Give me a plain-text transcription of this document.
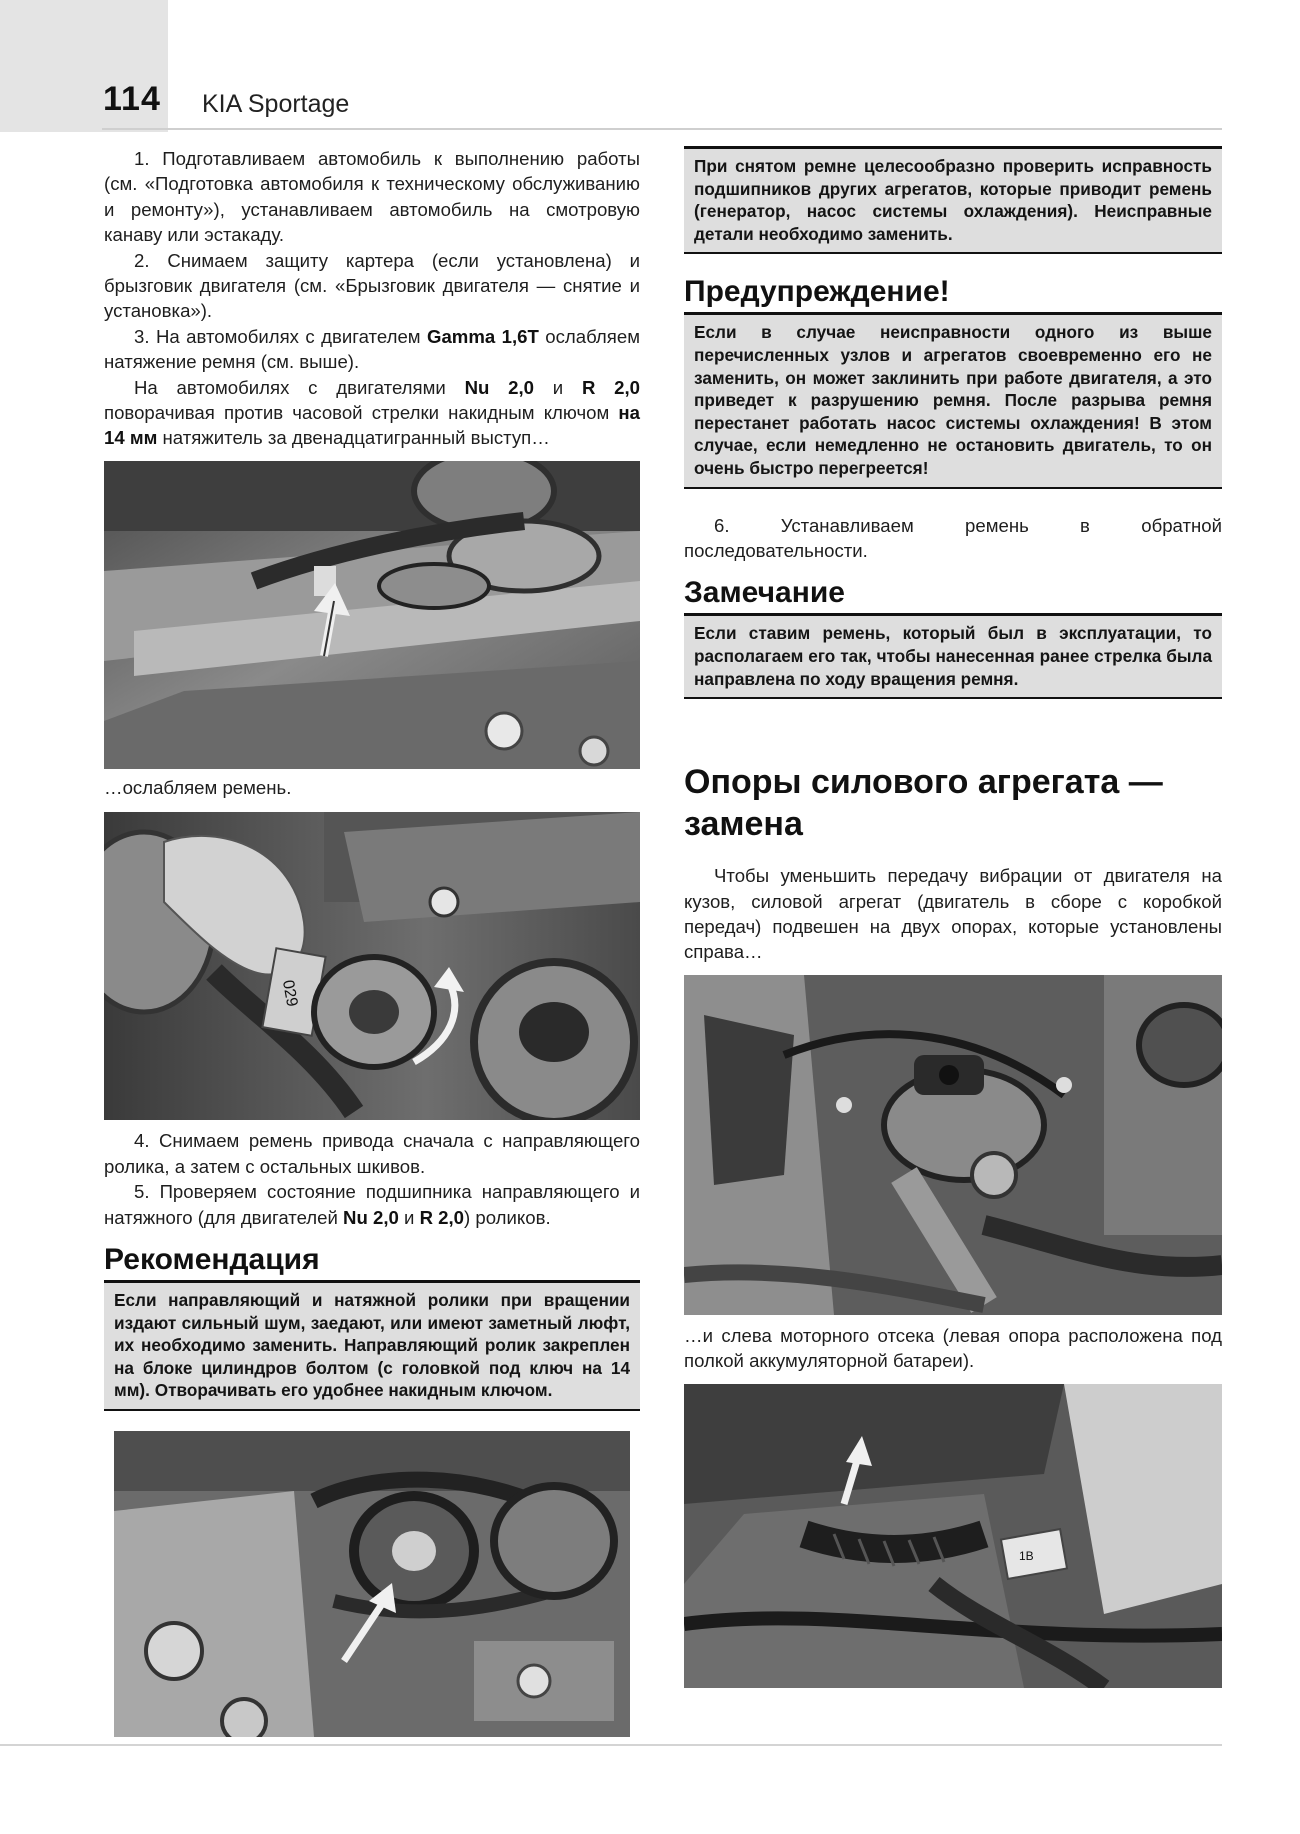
114 KIA Sportage

1. Подготавливаем автомобиль к выполнению работы (см. «Подготовка автомобиля к техническому обслуживанию и ремонту»), устанавливаем автомобиль на смотровую канаву или эстакаду.

2. Снимаем защиту картера (если установлена) и брызговик двигателя (см. «Брызговик двигателя — снятие и установка»).

3. На автомобилях с двигателем Gamma 1,6T ослабляем натяжение ремня (см. выше).

На автомобилях с двигателями Nu 2,0 и R 2,0 поворачивая против часовой стрелки накидным ключом на 14 мм натяжитель за двенадцатигранный выступ…

…ослабляем ремень.

029

4. Снимаем ремень привода сначала с направляющего ролика, а затем с остальных шкивов.

5. Проверяем состояние подшипника направляющего и натяжного (для двигателей Nu 2,0 и R 2,0) роликов.

Рекомендация
Если направляющий и натяжной ролики при вращении издают сильный шум, заедают, или имеют заметный люфт, их необходимо заменить. Направляющий ролик закреплен на блоке цилиндров болтом (с головкой под ключ на 14 мм). Отворачивать его удобнее накидным ключом.
При снятом ремне целесообразно проверить исправность подшипников других агрегатов, которые приводит ремень (генератор, насос системы охлаждения). Неисправные детали необходимо заменить.
Предупреждение!
Если в случае неисправности одного из выше перечисленных узлов и агрегатов своевременно его не заменить, он может заклинить при работе двигателя, а это приведет к разрушению ремня. После разрыва ремня перестанет работать насос системы охлаждения! В этом случае, если немедленно не остановить двигатель, то он очень быстро перегреется!

6. Устанавливаем ремень в обратной последовательности.

Замечание
Если ставим ремень, который был в эксплуатации, то располагаем его так, чтобы нанесенная ранее стрелка была направлена по ходу вращения ремня.
Опоры силового агрегата —
замена

Чтобы уменьшить передачу вибрации от двигателя на кузов, силовой агрегат (двигатель в сборе с коробкой передач) подвешен на двух опорах, которые установлены справа…

…и слева моторного отсека (левая опора расположена под полкой аккумуляторной батареи).

1B
